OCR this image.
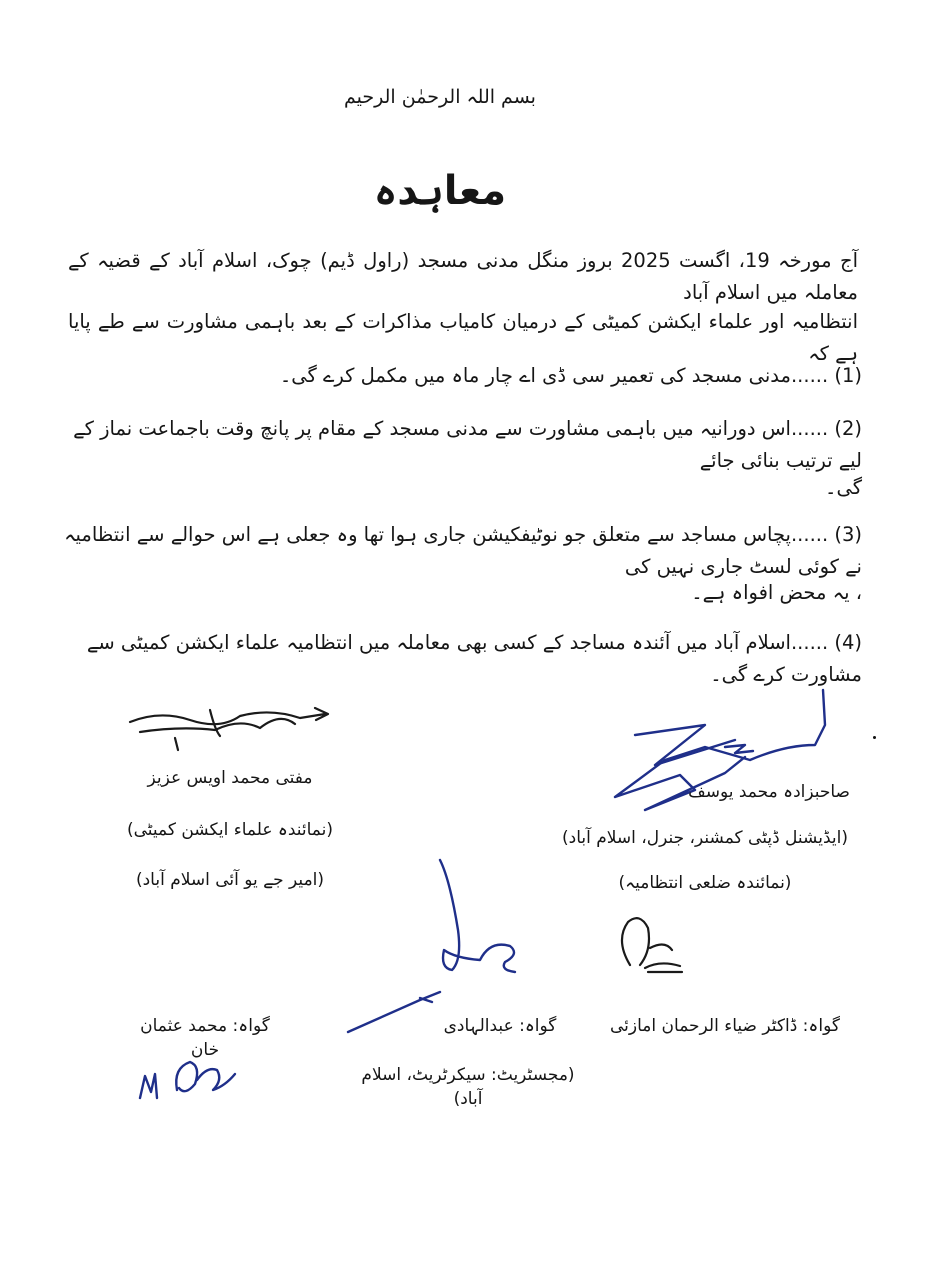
بسم اللہ الرحمٰن الرحیم
معاہدہ
آج مورخہ 19، اگست 2025 بروز منگل مدنی مسجد (راول ڈیم) چوک، اسلام آباد کے قضیہ کے معاملہ میں اسلام آباد
انتظامیہ اور علماء ایکشن کمیٹی کے درمیان کامیاب مذاکرات کے بعد باہمی مشاورت سے طے پایا ہے کہ
(1) ......مدنی مسجد کی تعمیر سی ڈی اے چار ماہ میں مکمل کرے گی۔
(2) ......اس دورانیہ میں باہمی مشاورت سے مدنی مسجد کے مقام پر پانچ وقت باجماعت نماز کے لیے ترتیب بنائی جائے
گی۔
(3) ......پچاس مساجد سے متعلق جو نوٹیفکیشن جاری ہوا تھا وہ جعلی ہے اس حوالے سے انتظامیہ نے کوئی لسٹ جاری نہیں کی
، یہ محض افواہ ہے۔
(4) ......اسلام آباد میں آئندہ مساجد کے کسی بھی معاملہ میں انتظامیہ علماء ایکشن کمیٹی سے مشاورت کرے گی۔
مفتی محمد اویس عزیز
(نمائندہ علماء ایکشن کمیٹی)
(امیر جے یو آئی اسلام آباد)
صاحبزادہ محمد یوسف
(ایڈیشنل ڈپٹی کمشنر، جنرل، اسلام آباد)
(نمائندہ ضلعی انتظامیہ)
گواہ: ڈاکٹر ضیاء الرحمان امازئی
گواہ: عبدالہادی
(مجسٹریٹ: سیکرٹریٹ، اسلام آباد)
گواہ: محمد عثمان خان
